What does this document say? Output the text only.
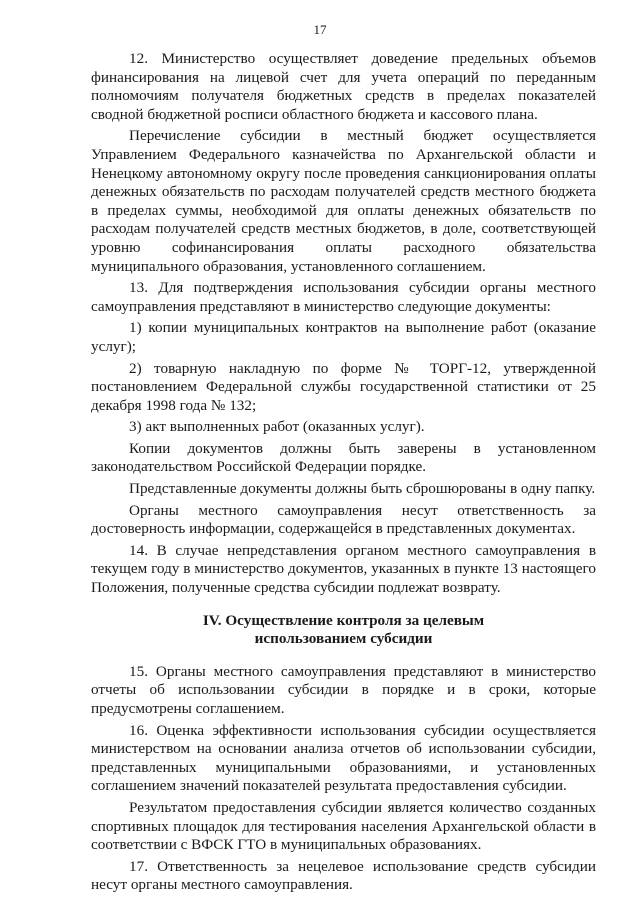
17

12. Министерство осуществляет доведение предельных объемов финансирования на лицевой счет для учета операций по переданным полномочиям получателя бюджетных средств в пределах показателей сводной бюджетной росписи областного бюджета и кассового плана.

Перечисление субсидии в местный бюджет осуществляется Управлением Федерального казначейства по Архангельской области и Ненецкому автономному округу после проведения санкционирования оплаты денежных обязательств по расходам получателей средств местного бюджета в пределах суммы, необходимой для оплаты денежных обязательств по расходам получателей средств местных бюджетов, в доле, соответствующей уровню софинансирования оплаты расходного обязательства муниципального образования, установленного соглашением.

13. Для подтверждения использования субсидии органы местного самоуправления представляют в министерство следующие документы:

1) копии муниципальных контрактов на выполнение работ (оказание услуг);

2) товарную накладную по форме № ТОРГ-12, утвержденной постановлением Федеральной службы государственной статистики от 25 декабря 1998 года № 132;

3) акт выполненных работ (оказанных услуг).

Копии документов должны быть заверены в установленном законодательством Российской Федерации порядке.

Представленные документы должны быть сброшюрованы в одну папку.

Органы местного самоуправления несут ответственность за достоверность информации, содержащейся в представленных документах.

14. В случае непредставления органом местного самоуправления в текущем году в министерство документов, указанных в пункте 13 настоящего Положения, полученные средства субсидии подлежат возврату.

IV. Осуществление контроля за целевым
использованием субсидии

15. Органы местного самоуправления представляют в министерство отчеты об использовании субсидии в порядке и в сроки, которые предусмотрены соглашением.

16. Оценка эффективности использования субсидии осуществляется министерством на основании анализа отчетов об использовании субсидии, представленных муниципальными образованиями, и установленных соглашением значений показателей результата предоставления субсидии.

Результатом предоставления субсидии является количество созданных спортивных площадок для тестирования населения Архангельской области в соответствии с ВФСК ГТО в муниципальных образованиях.

17. Ответственность за нецелевое использование средств субсидии несут органы местного самоуправления.
